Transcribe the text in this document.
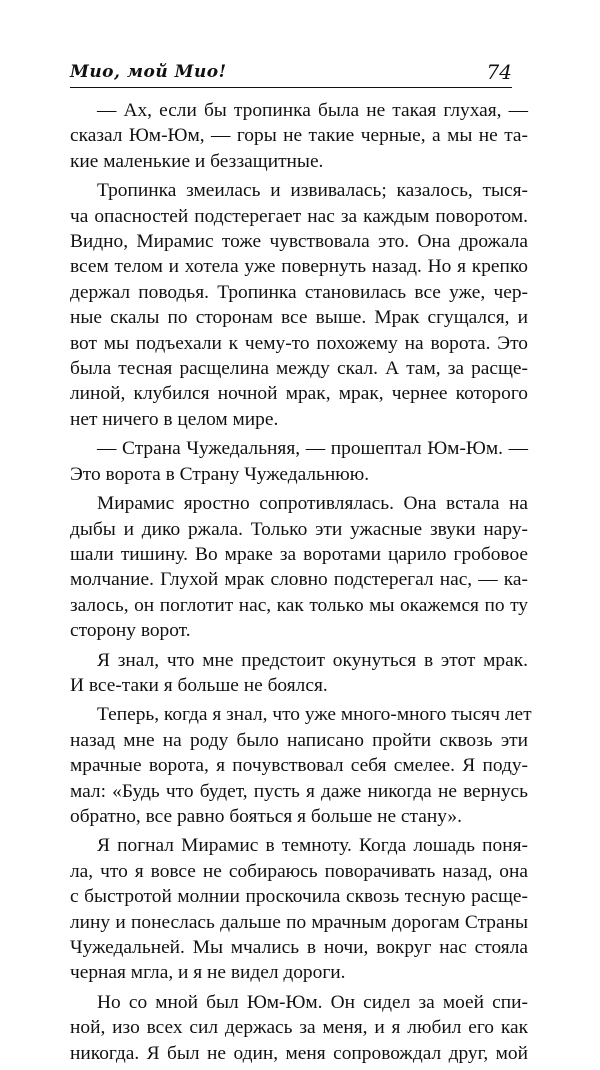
Мио, мой Мио!	74
— Ах, если бы тропинка была не такая глухая, —
сказал Юм-Юм, — горы не такие черные, а мы не та-
кие маленькие и беззащитные.
Тропинка змеилась и извивалась; казалось, тыся-
ча опасностей подстерегает нас за каждым поворотом.
Видно, Мирамис тоже чувствовала это. Она дрожала
всем телом и хотела уже повернуть назад. Но я крепко
держал поводья. Тропинка становилась все уже, чер-
ные скалы по сторонам все выше. Мрак сгущался, и
вот мы подъехали к чему-то похожему на ворота. Это
была тесная расщелина между скал. А там, за расще-
линой, клубился ночной мрак, мрак, чернее которого
нет ничего в целом мире.
— Страна Чужедальняя, — прошептал Юм-Юм. —
Это ворота в Страну Чужедальнюю.
Мирамис яростно сопротивлялась. Она встала на
дыбы и дико ржала. Только эти ужасные звуки нару-
шали тишину. Во мраке за воротами царило гробовое
молчание. Глухой мрак словно подстерегал нас, — ка-
залось, он поглотит нас, как только мы окажемся по ту
сторону ворот.
Я знал, что мне предстоит окунуться в этот мрак.
И все-таки я больше не боялся.
Теперь, когда я знал, что уже много-много тысяч лет
назад мне на роду было написано пройти сквозь эти
мрачные ворота, я почувствовал себя смелее. Я поду-
мал: «Будь что будет, пусть я даже никогда не вернусь
обратно, все равно бояться я больше не стану».
Я погнал Мирамис в темноту. Когда лошадь поня-
ла, что я вовсе не собираюсь поворачивать назад, она
с быстротой молнии проскочила сквозь тесную расще-
лину и понеслась дальше по мрачным дорогам Страны
Чужедальней. Мы мчались в ночи, вокруг нас стояла
черная мгла, и я не видел дороги.
Но со мной был Юм-Юм. Он сидел за моей спи-
ной, изо всех сил держась за меня, и я любил его как
никогда. Я был не один, меня сопровождал друг, мой
